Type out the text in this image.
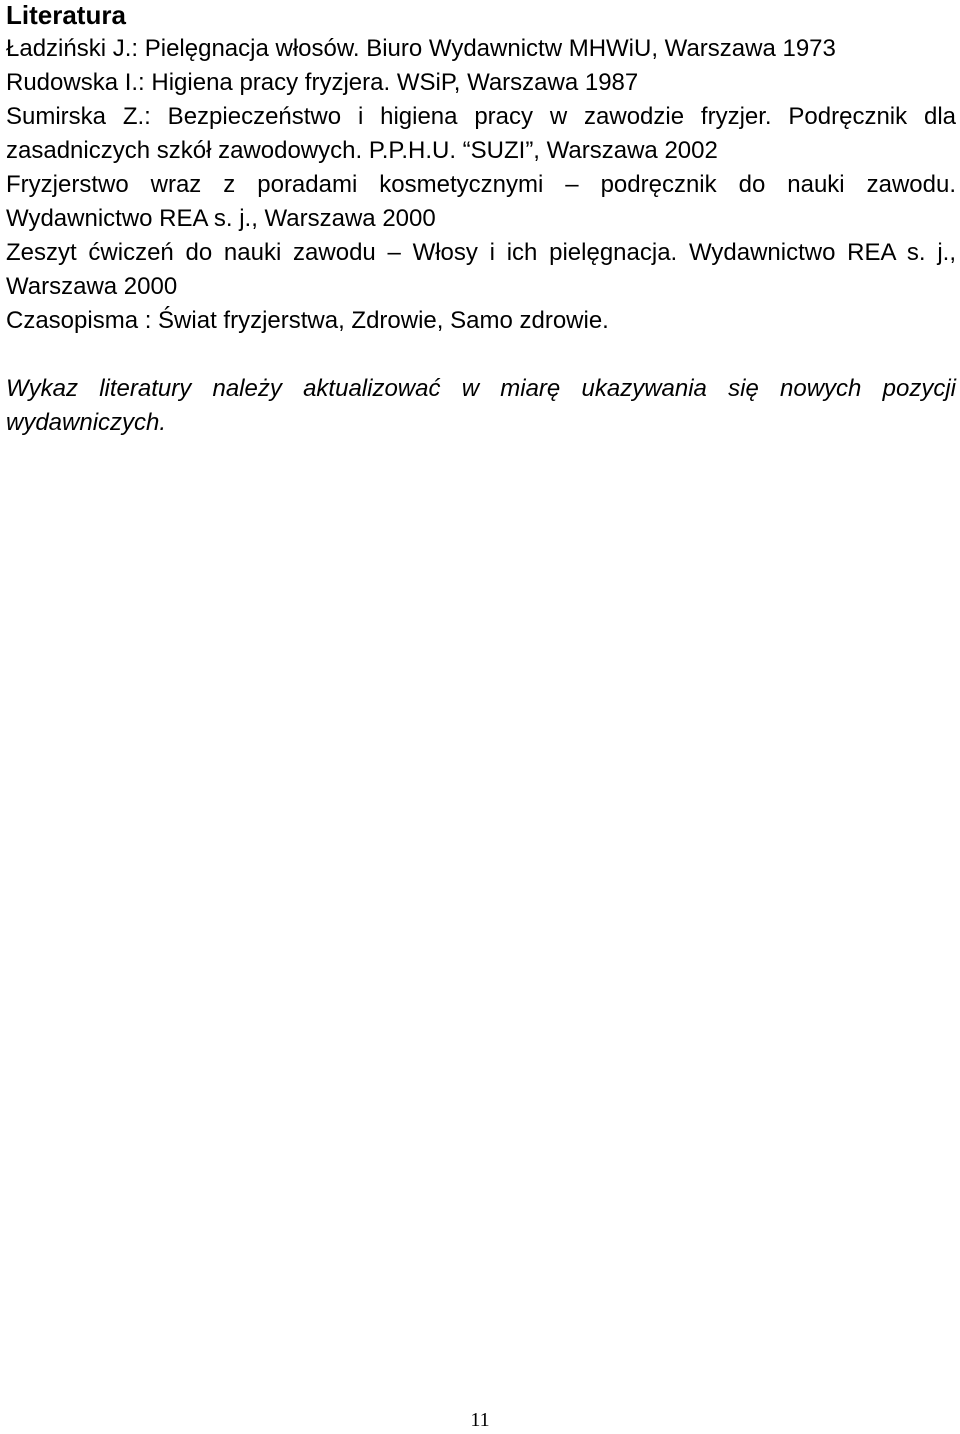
Literatura
Ładziński J.: Pielęgnacja włosów. Biuro Wydawnictw MHWiU, Warszawa 1973
Rudowska I.: Higiena pracy fryzjera. WSiP, Warszawa 1987
Sumirska Z.: Bezpieczeństwo i higiena pracy w zawodzie fryzjer. Podręcznik dla zasadniczych szkół zawodowych. P.P.H.U. “SUZI”, Warszawa 2002
Fryzjerstwo wraz z poradami kosmetycznymi – podręcznik do nauki zawodu. Wydawnictwo REA s. j., Warszawa 2000
Zeszyt ćwiczeń do nauki zawodu – Włosy i ich pielęgnacja. Wydawnictwo REA s. j., Warszawa 2000
Czasopisma : Świat fryzjerstwa, Zdrowie, Samo zdrowie.

Wykaz literatury należy aktualizować w miarę ukazywania się nowych pozycji wydawniczych.

11
